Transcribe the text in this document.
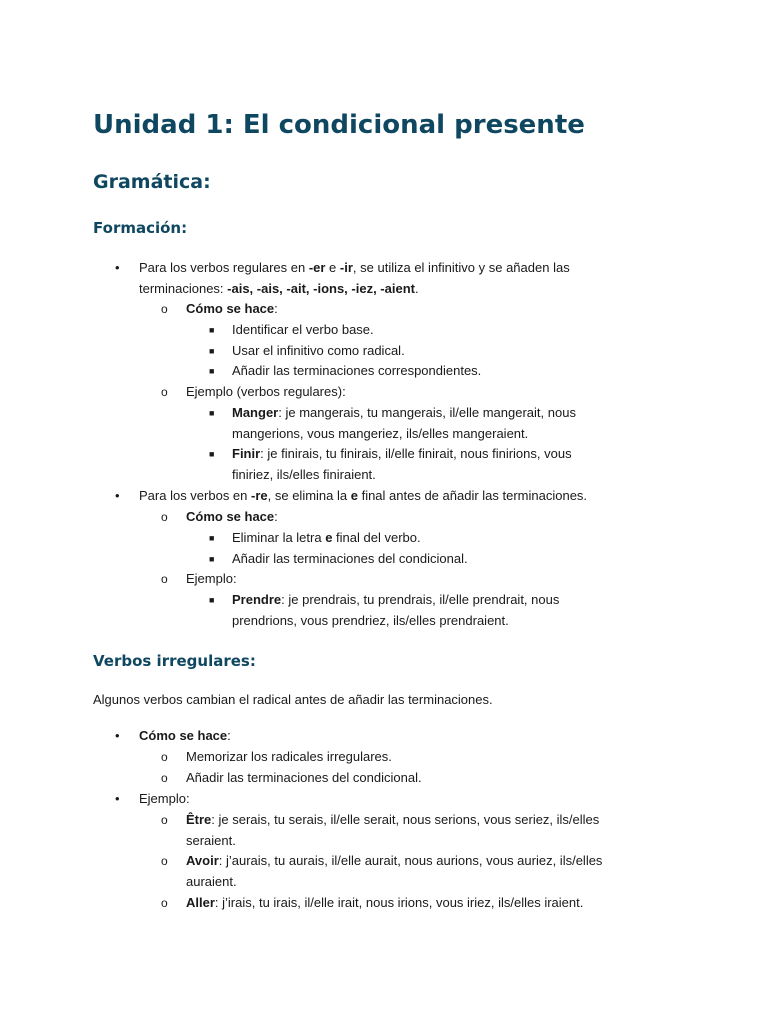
Unidad 1: El condicional presente
Gramática:
Formación:
• Para los verbos regulares en -er e -ir, se utiliza el infinitivo y se añaden las
terminaciones: -ais, -ais, -ait, -ions, -iez, -aient.
o Cómo se hace:
■ Identificar el verbo base.
■ Usar el infinitivo como radical.
■ Añadir las terminaciones correspondientes.
o Ejemplo (verbos regulares):
■ Manger: je mangerais, tu mangerais, il/elle mangerait, nous
mangerions, vous mangeriez, ils/elles mangeraient.
■ Finir: je finirais, tu finirais, il/elle finirait, nous finirions, vous
finiriez, ils/elles finiraient.
• Para los verbos en -re, se elimina la e final antes de añadir las terminaciones.
o Cómo se hace:
■ Eliminar la letra e final del verbo.
■ Añadir las terminaciones del condicional.
o Ejemplo:
■ Prendre: je prendrais, tu prendrais, il/elle prendrait, nous
prendrions, vous prendriez, ils/elles prendraient.
Verbos irregulares:
Algunos verbos cambian el radical antes de añadir las terminaciones.
• Cómo se hace:
o Memorizar los radicales irregulares.
o Añadir las terminaciones del condicional.
• Ejemplo:
o Être: je serais, tu serais, il/elle serait, nous serions, vous seriez, ils/elles
seraient.
o Avoir: j’aurais, tu aurais, il/elle aurait, nous aurions, vous auriez, ils/elles
auraient.
o Aller: j’irais, tu irais, il/elle irait, nous irions, vous iriez, ils/elles iraient.
